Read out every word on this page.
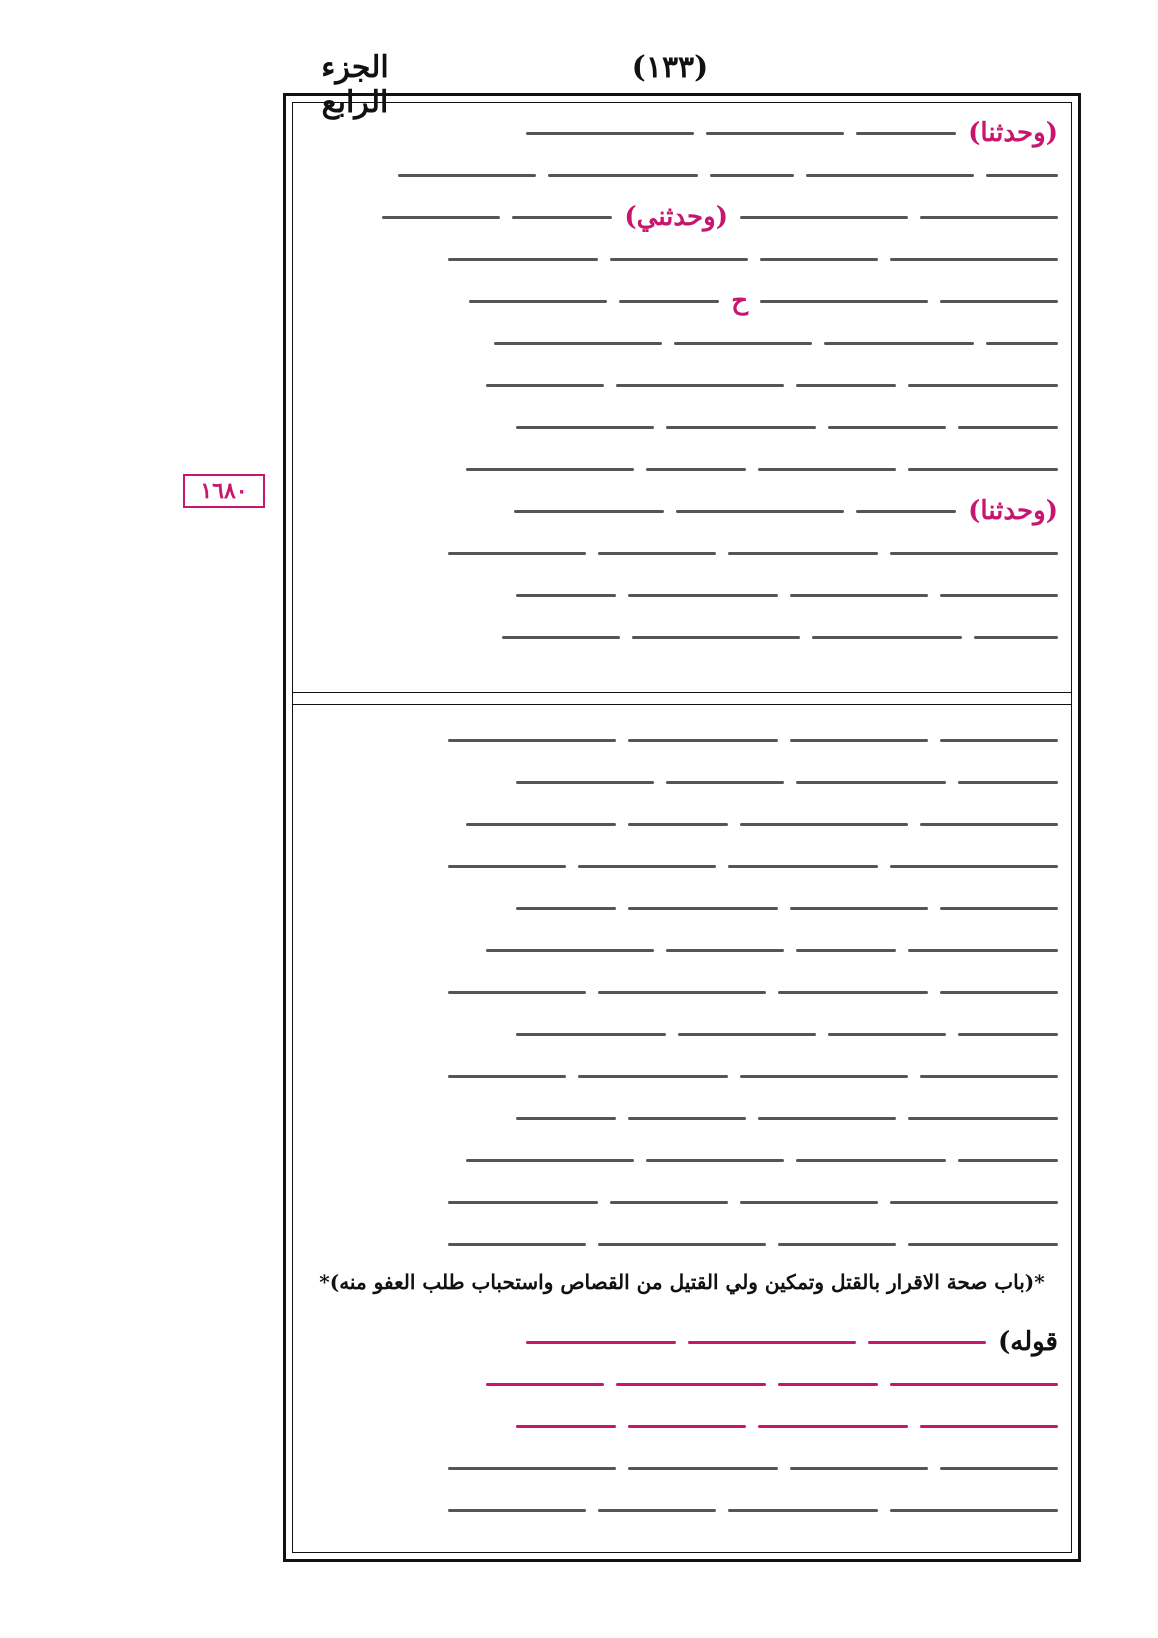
الجزء الرابع
(١٣٣)
١٦٨٠
(وحدثنا)
(وحدثني)
ح
(وحدثنا)
*(باب صحة الاقرار بالقتل وتمكين ولي القتيل من القصاص واستحباب طلب العفو منه)*
(قوله
